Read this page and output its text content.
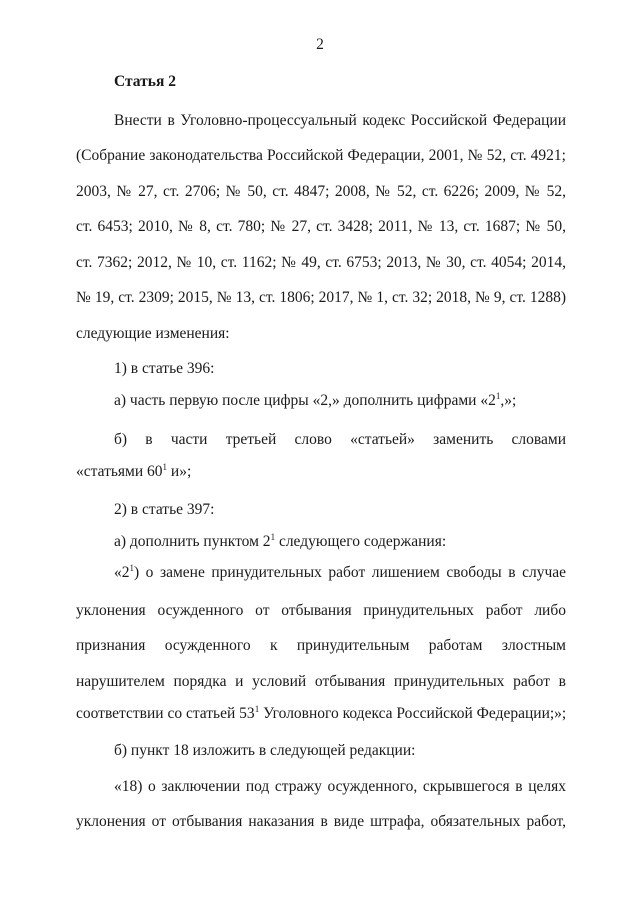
2
Статья 2
Внести в Уголовно-процессуальный кодекс Российской Федерации
(Собрание законодательства Российской Федерации, 2001, № 52, ст. 4921;
2003, № 27, ст. 2706; № 50, ст. 4847; 2008, № 52, ст. 6226; 2009, № 52,
ст. 6453; 2010, № 8, ст. 780; № 27, ст. 3428; 2011, № 13, ст. 1687; № 50,
ст. 7362; 2012, № 10, ст. 1162; № 49, ст. 6753; 2013, № 30, ст. 4054; 2014,
№ 19, ст. 2309; 2015, № 13, ст. 1806; 2017, № 1, ст. 32; 2018, № 9, ст. 1288)
следующие изменения:
1) в статье 396:
а) часть первую после цифры «2,» дополнить цифрами «$2^1$,»;
б) в части третьей слово «статьей» заменить словами
«статьями $60^1$ и»;
2) в статье 397:
а) дополнить пунктом $2^1$ следующего содержания:
«$2^1$) о замене принудительных работ лишением свободы в случае
уклонения осужденного от отбывания принудительных работ либо
признания осужденного к принудительным работам злостным
нарушителем порядка и условий отбывания принудительных работ в
соответствии со статьей $53^1$ Уголовного кодекса Российской Федерации;»;
б) пункт 18 изложить в следующей редакции:
«18) о заключении под стражу осужденного, скрывшегося в целях
уклонения от отбывания наказания в виде штрафа, обязательных работ,
